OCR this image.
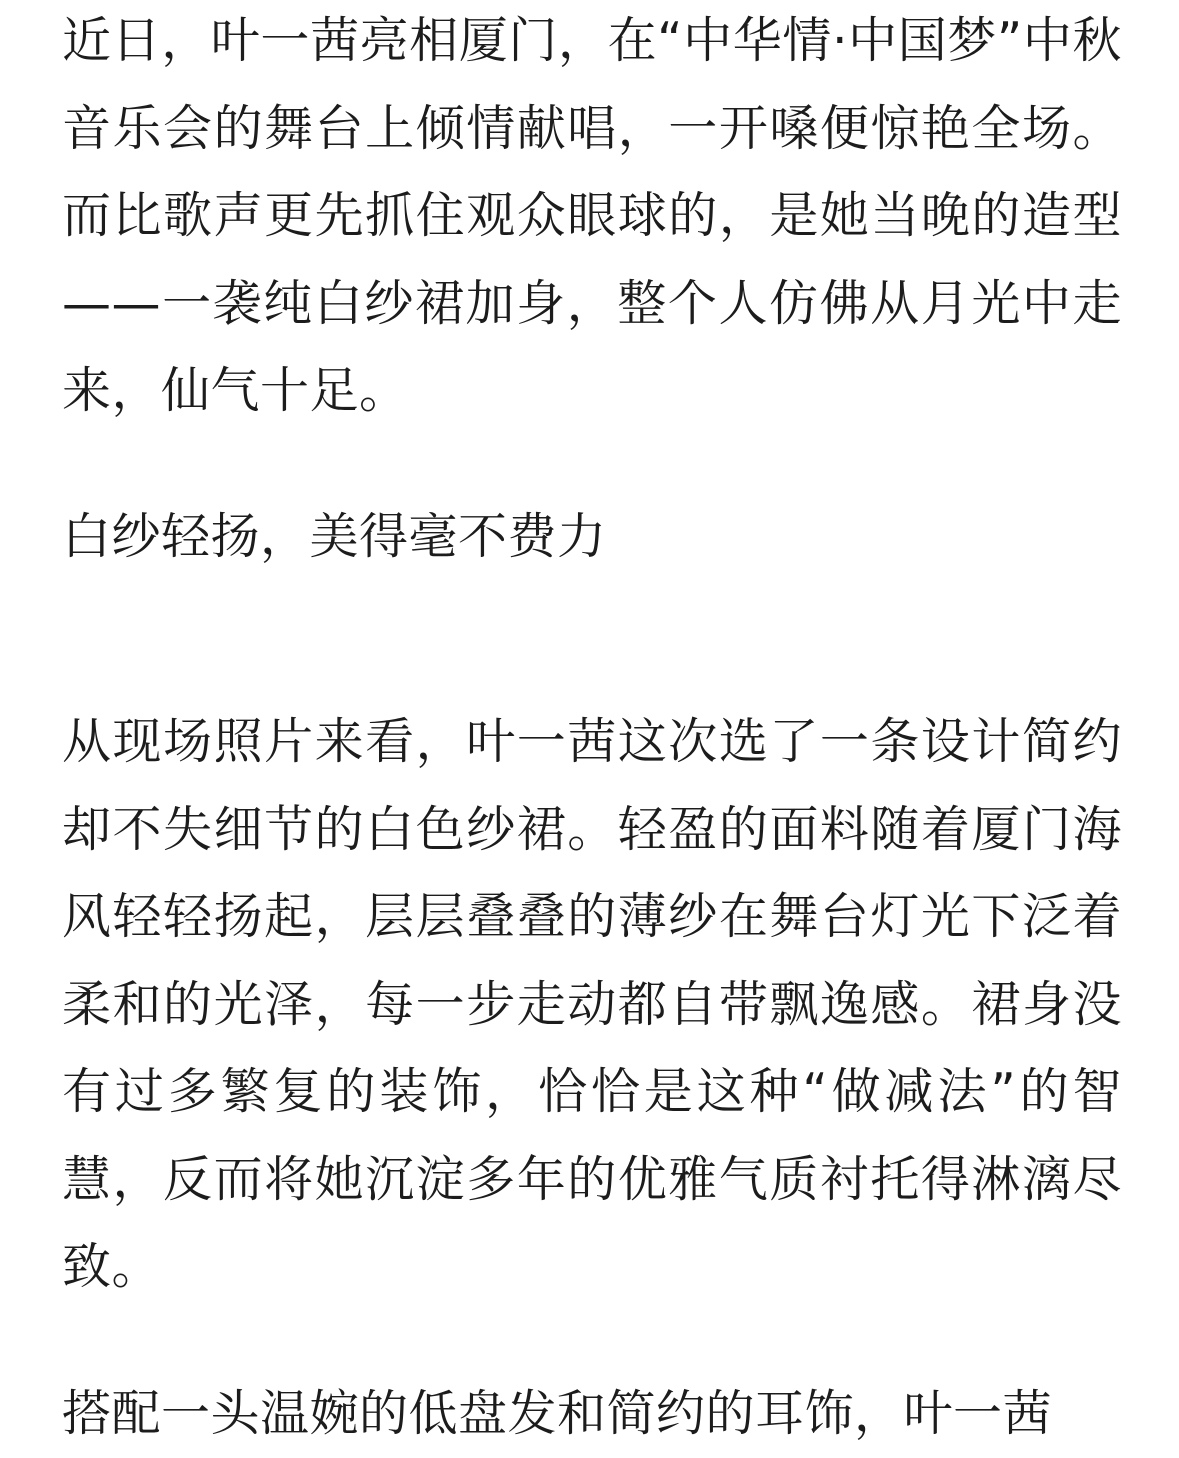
近日，叶一茜亮相厦门，在“中华情·中国梦”中秋音乐会的舞台上倾情献唱，一开嗓便惊艳全场。而比歌声更先抓住观众眼球的，是她当晚的造型——一袭纯白纱裙加身，整个人仿佛从月光中走来，仙气十足。

白纱轻扬，美得毫不费力

从现场照片来看，叶一茜这次选了一条设计简约却不失细节的白色纱裙。轻盈的面料随着厦门海风轻轻扬起，层层叠叠的薄纱在舞台灯光下泛着柔和的光泽，每一步走动都自带飘逸感。裙身没有过多繁复的装饰，恰恰是这种“做减法”的智慧，反而将她沉淀多年的优雅气质衬托得淋漓尽致。

搭配一头温婉的低盘发和简约的耳饰，叶一茜
